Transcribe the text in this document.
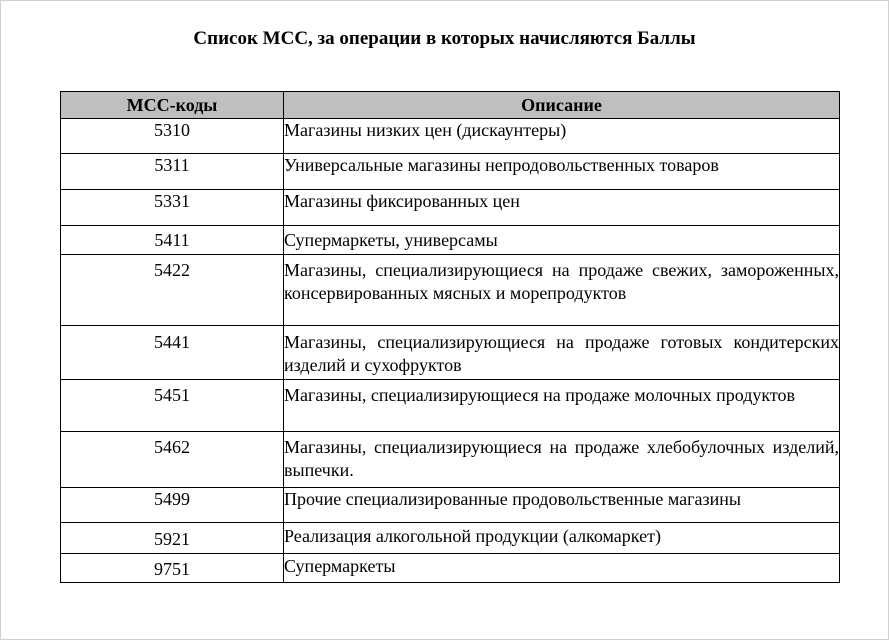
Список МСС, за операции в которых начисляются Баллы
МСС-коды	Описание
5310	Магазины низких цен (дискаунтеры)
5311	Универсальные магазины непродовольственных товаров
5331	Магазины фиксированных цен
5411	Супермаркеты, универсамы
5422	Магазины, специализирующиеся на продаже свежих, замороженных, консервированных мясных и морепродуктов
5441	Магазины, специализирующиеся на продаже готовых кондитерских изделий и сухофруктов
5451	Магазины, специализирующиеся на продаже молочных продуктов
5462	Магазины, специализирующиеся на продаже хлебобулочных изделий, выпечки.
5499	Прочие специализированные продовольственные магазины
5921	Реализация алкогольной продукции (алкомаркет)
9751	Супермаркеты
